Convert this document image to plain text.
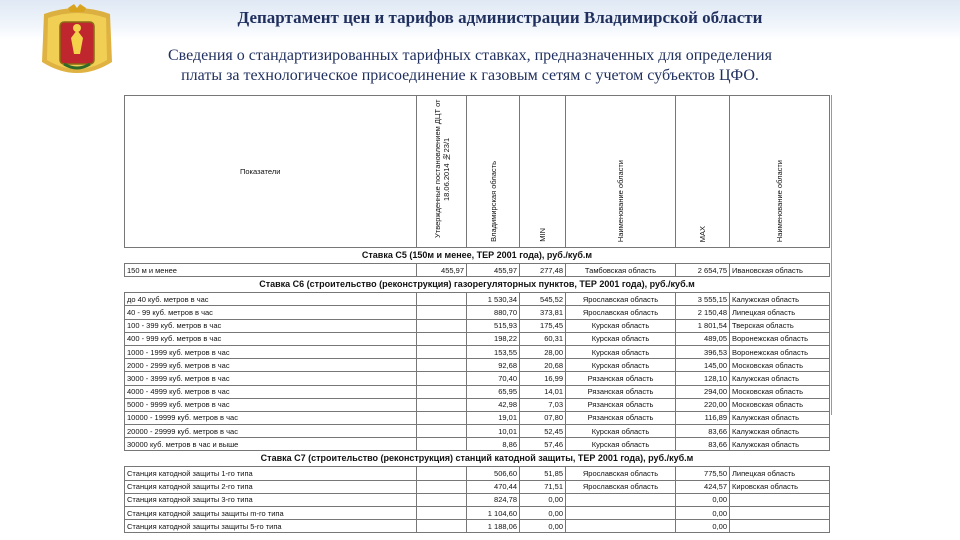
Департамент цен и тарифов администрации Владимирской области
Сведения о стандартизированных тарифных ставках, предназначенных для определения
платы за технологическое присоединение к газовым сетям с учетом субъектов ЦФО.
Показатели	Утвержденные постановлением ДЦТ от 18.06.2014 №23/1	Владимирская область	MIN	Наименование области	MAX	Наименование области
Ставка С5 (150м и менее, ТЕР 2001 года), руб./куб.м						
150 м и менее	455,97	455,97	277,48	Тамбовская область	2 654,75	Ивановская область
Ставка С6 (строительство (реконструкция) газорегуляторных пунктов, ТЕР 2001 года), руб./куб.м						
до 40 куб. метров в час		1 530,34	545,52	Ярославская область	3 555,15	Калужская область
40 - 99 куб. метров в час		880,70	373,81	Ярославская область	2 150,48	Липецкая область
100 - 399 куб. метров в час		515,93	175,45	Курская область	1 801,54	Тверская область
400 - 999 куб. метров в час		198,22	60,31	Курская область	489,05	Воронежская область
1000 - 1999 куб. метров в час		153,55	28,00	Курская область	396,53	Воронежская область
2000 - 2999 куб. метров в час		92,68	20,68	Курская область	145,00	Московская область
3000 - 3999 куб. метров в час		70,40	16,99	Рязанская область	128,10	Калужская область
4000 - 4999 куб. метров в час		65,95	14,01	Рязанская область	294,00	Московская область
5000 - 9999 куб. метров в час		42,98	7,03	Рязанская область	220,00	Московская область
10000 - 19999 куб. метров в час		19,01	07,80	Рязанская область	116,89	Калужская область
20000 - 29999 куб. метров в час		10,01	52,45	Курская область	83,66	Калужская область
30000 куб. метров в час и выше		8,86	57,46	Курская область	83,66	Калужская область
Ставка С7 (строительство (реконструкция) станций катодной защиты, ТЕР 2001 года), руб./куб.м						
Станция катодной защиты 1-го типа		506,60	51,85	Ярославская область	775,50	Липецкая область
Станция катодной защиты 2-го типа		470,44	71,51	Ярославская область	424,57	Кировская область
Станция катодной защиты 3-го типа		824,78	0,00		0,00	
Станция катодной защиты защиты m-го типа		1 104,60	0,00		0,00	
Станция катодной защиты защиты 5-го типа		1 188,06	0,00		0,00	
